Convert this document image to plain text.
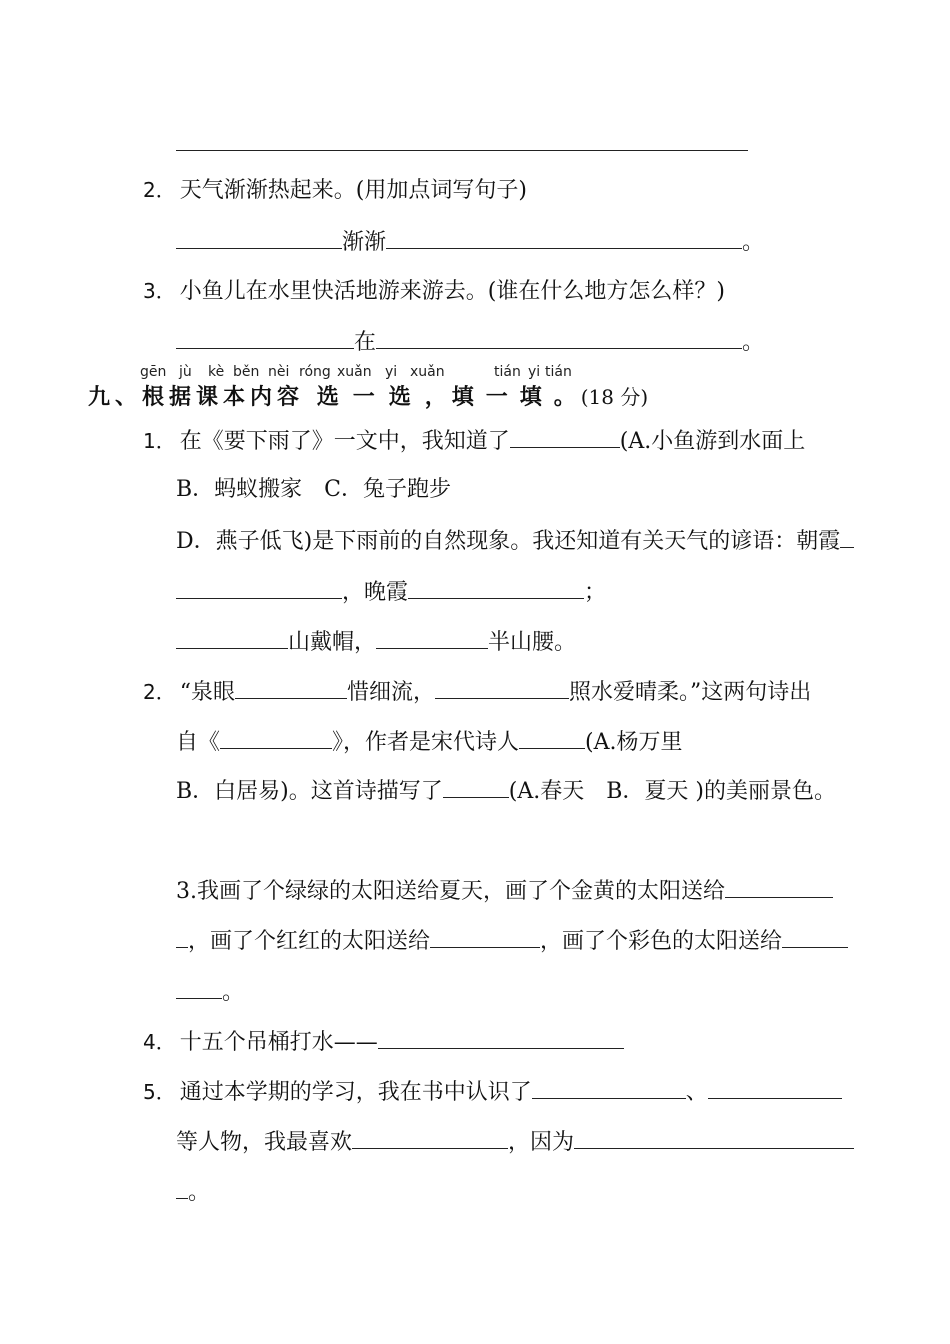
2． 天气渐渐热起来。(用加点词写句子)
渐渐	。
3． 小鱼儿在水里快活地游来游去。(谁在什么地方怎么样？)
在	。
gēn jù kè běn nèi róng xuǎn yi xuǎn	tián yi tián
九、根据课本内容 选一选，填一填。(18 分)
1． 在《要下雨了》一文中，我知道了	(A.小鱼游到水面上
B．蚂蚁搬家　C．兔子跑步
D．燕子低飞)是下雨前的自然现象。我还知道有关天气的谚语：朝霞
，晚霞	；
山戴帽，	半山腰。
2． “泉眼	惜细流，	照水爱晴柔。”这两句诗出
自《	》，作者是宋代诗人	(A.杨万里
B．白居易)。这首诗描写了	(A.春天　B．夏天 )的美丽景色。
3.我画了个绿绿的太阳送给夏天，画了个金黄的太阳送给
，画了个红红的太阳送给	，画了个彩色的太阳送给
。
4． 十五个吊桶打水——
5． 通过本学期的学习，我在书中认识了	、
等人物，我最喜欢	，因为
。
